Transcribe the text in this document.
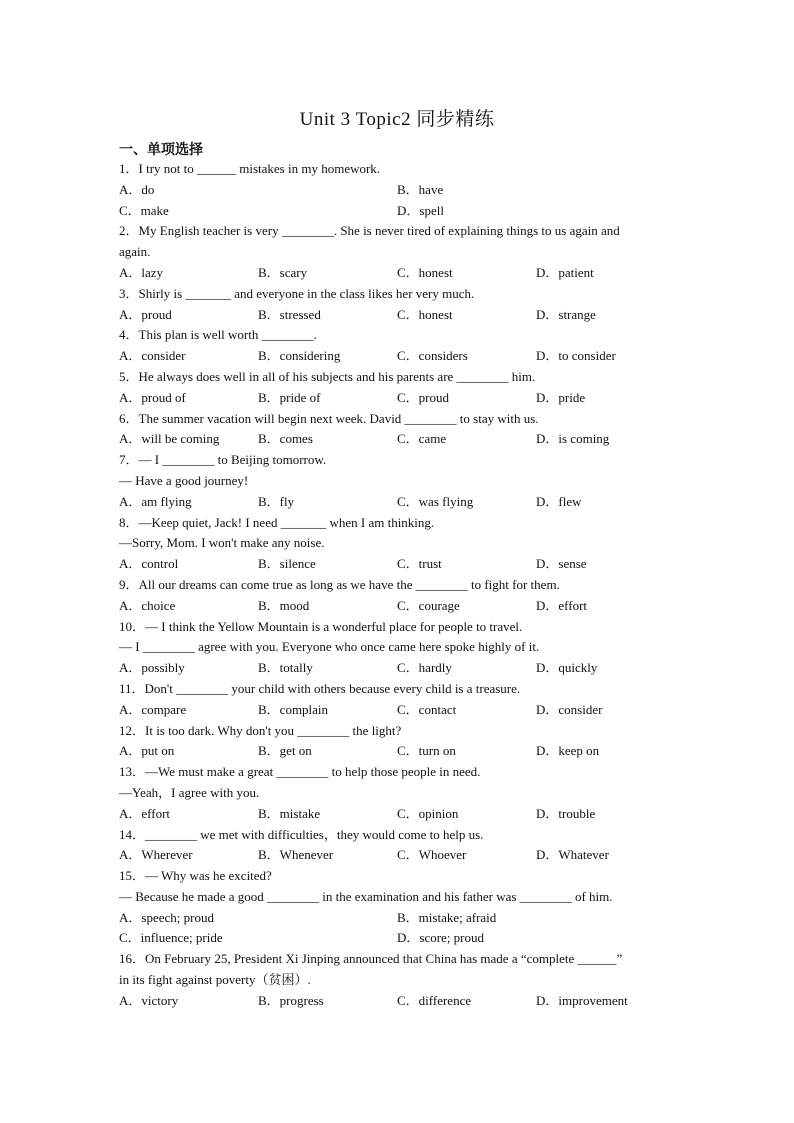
Unit 3 Topic2 同步精练
一、单项选择
1．I try not to ______ mistakes in my homework.
A．do	B．have
C．make	D．spell
2．My English teacher is very ________. She is never tired of explaining things to us again and
again.
A．lazy	B．scary	C．honest	D．patient
3．Shirly is _______ and everyone in the class likes her very much.
A．proud	B．stressed	C．honest	D．strange
4．This plan is well worth ________.
A．consider	B．considering	C．considers	D．to consider
5．He always does well in all of his subjects and his parents are ________ him.
A．proud of	B．pride of	C．proud	D．pride
6．The summer vacation will begin next week. David ________ to stay with us.
A．will be coming	B．comes	C．came	D．is coming
7．— I ________ to Beijing tomorrow.
— Have a good journey!
A．am flying	B．fly	C．was flying	D．flew
8．—Keep quiet, Jack! I need _______ when I am thinking.
—Sorry, Mom. I won't make any noise.
A．control	B．silence	C．trust	D．sense
9．All our dreams can come true as long as we have the ________ to fight for them.
A．choice	B．mood	C．courage	D．effort
10．— I think the Yellow Mountain is a wonderful place for people to travel.
— I ________ agree with you. Everyone who once came here spoke highly of it.
A．possibly	B．totally	C．hardly	D．quickly
11．Don't ________ your child with others because every child is a treasure.
A．compare	B．complain	C．contact	D．consider
12．It is too dark. Why don't you ________ the light?
A．put on	B．get on	C．turn on	D．keep on
13．—We must make a great ________ to help those people in need.
—Yeah，I agree with you.
A．effort	B．mistake	C．opinion	D．trouble
14．________ we met with difficulties，they would come to help us.
A．Wherever	B．Whenever	C．Whoever	D．Whatever
15．— Why was he excited?
— Because he made a good ________ in the examination and his father was ________ of him.
A．speech; proud	B．mistake; afraid
C．influence; pride	D．score; proud
16．On February 25, President Xi Jinping announced that China has made a “complete ______”
in its fight against poverty（贫困）.
A．victory	B．progress	C．difference	D．improvement
